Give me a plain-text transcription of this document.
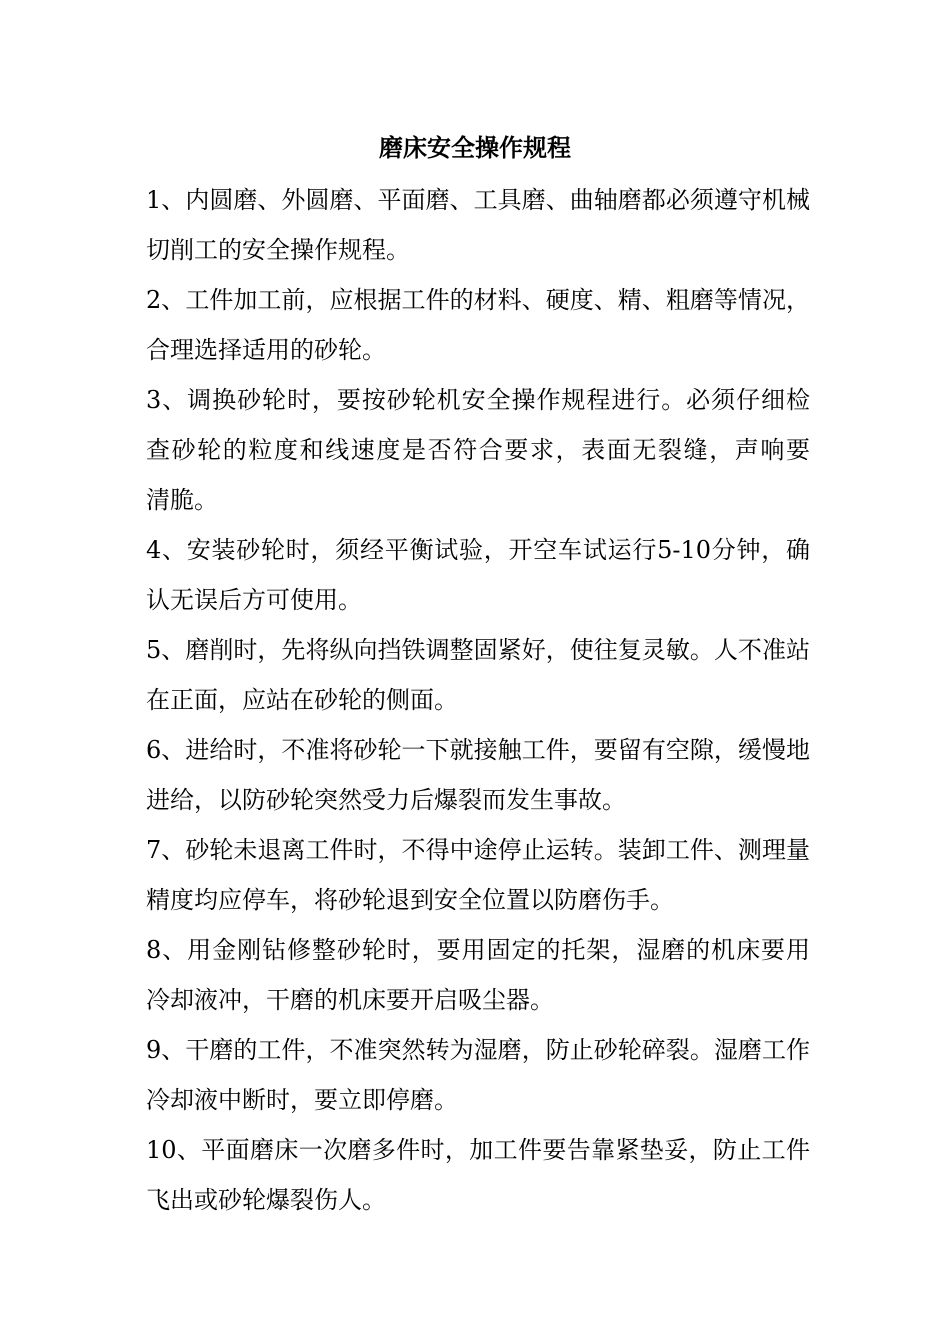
磨床安全操作规程
1、内圆磨、外圆磨、平面磨、工具磨、曲轴磨都必须遵守机械
切削工的安全操作规程。
2、工件加工前，应根据工件的材料、硬度、精、粗磨等情况，
合理选择适用的砂轮。
3、调换砂轮时，要按砂轮机安全操作规程进行。必须仔细检
查砂轮的粒度和线速度是否符合要求，表面无裂缝，声响要
清脆。
4、安装砂轮时，须经平衡试验，开空车试运行5-10分钟，确
认无误后方可使用。
5、磨削时，先将纵向挡铁调整固紧好，使往复灵敏。人不准站
在正面，应站在砂轮的侧面。
6、进给时，不准将砂轮一下就接触工件，要留有空隙，缓慢地
进给，以防砂轮突然受力后爆裂而发生事故。
7、砂轮未退离工件时，不得中途停止运转。装卸工件、测理量
精度均应停车，将砂轮退到安全位置以防磨伤手。
8、用金刚钻修整砂轮时，要用固定的托架，湿磨的机床要用
冷却液冲，干磨的机床要开启吸尘器。
9、干磨的工件，不准突然转为湿磨，防止砂轮碎裂。湿磨工作
冷却液中断时，要立即停磨。
10、平面磨床一次磨多件时，加工件要告靠紧垫妥，防止工件
飞出或砂轮爆裂伤人。
